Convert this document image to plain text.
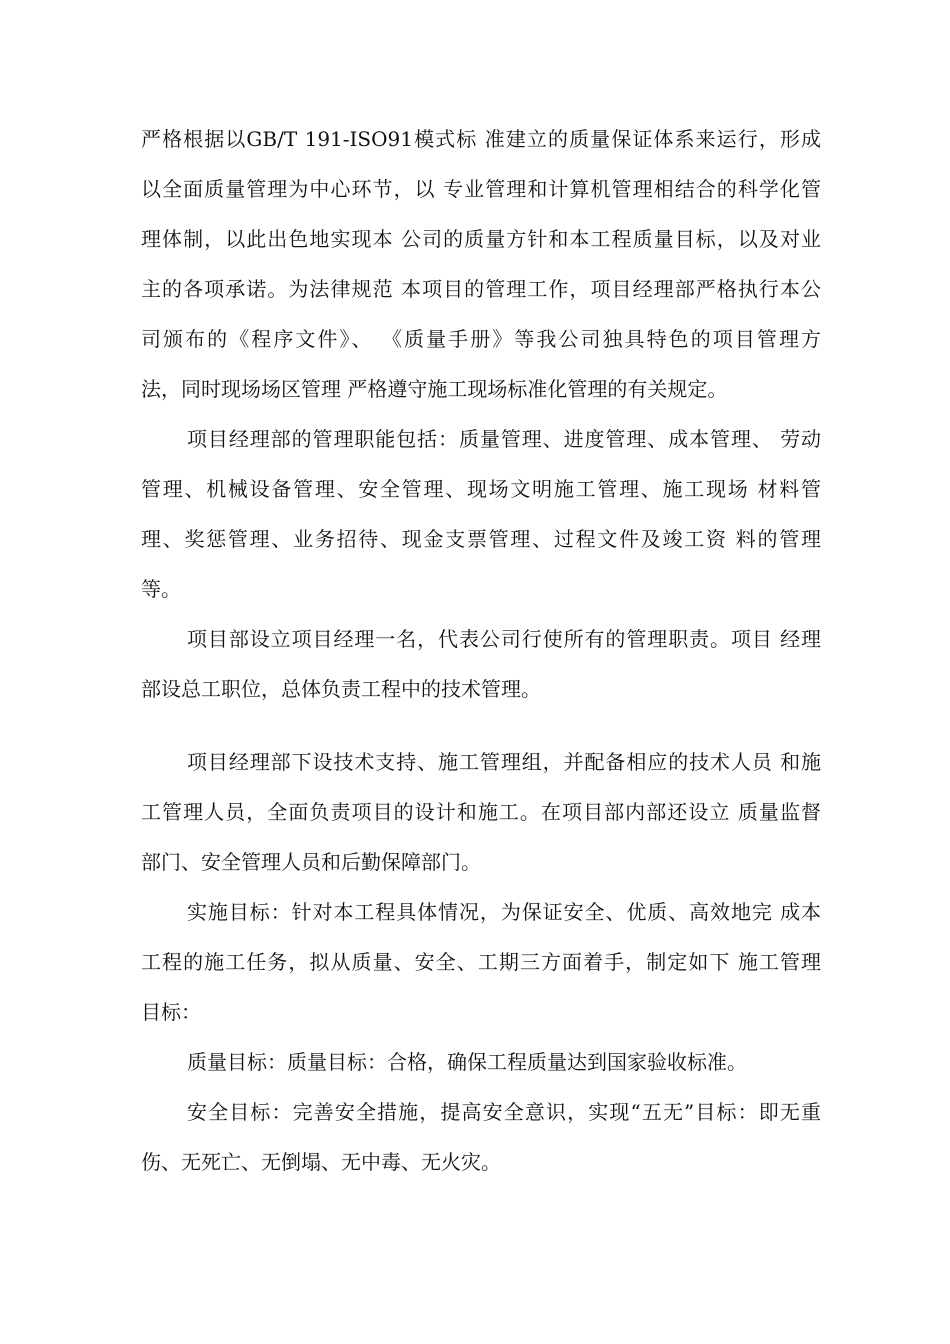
严格根据以GB/T 191-ISO91模式标 准建立的质量保证体系来运行，形成
以全面质量管理为中心环节，以 专业管理和计算机管理相结合的科学化管
理体制，以此出色地实现本 公司的质量方针和本工程质量目标，以及对业
主的各项承诺。为法律规范 本项目的管理工作，项目经理部严格执行本公
司颁布的《程序文件》、 《质量手册》等我公司独具特色的项目管理方
法，同时现场场区管理 严格遵守施工现场标准化管理的有关规定。
项目经理部的管理职能包括：质量管理、进度管理、成本管理、 劳动
管理、机械设备管理、安全管理、现场文明施工管理、施工现场 材料管
理、奖惩管理、业务招待、现金支票管理、过程文件及竣工资 料的管理
等。
项目部设立项目经理一名，代表公司行使所有的管理职责。项目 经理
部设总工职位，总体负责工程中的技术管理。
项目经理部下设技术支持、施工管理组，并配备相应的技术人员 和施
工管理人员，全面负责项目的设计和施工。在项目部内部还设立 质量监督
部门、安全管理人员和后勤保障部门。
实施目标：针对本工程具体情况，为保证安全、优质、高效地完 成本
工程的施工任务，拟从质量、安全、工期三方面着手，制定如下 施工管理
目标：
质量目标：质量目标：合格，确保工程质量达到国家验收标准。
安全目标：完善安全措施，提高安全意识，实现“五无”目标：即无重
伤、无死亡、无倒塌、无中毒、无火灾。
